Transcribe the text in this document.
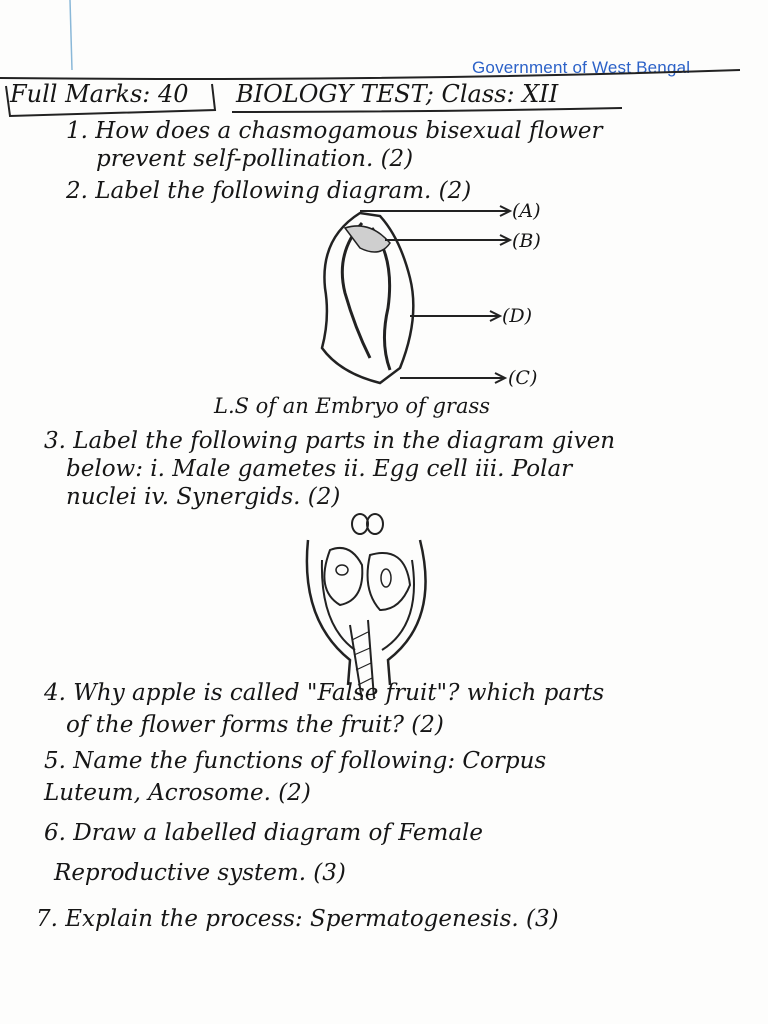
Government of West Bengal
Full Marks: 40 BIOLOGY TEST; Class: XII
1. How does a chasmogamous bisexual flower
prevent self-pollination. (2)
2. Label the following diagram. (2)
(A)
(B)
(D)
(C)
L.S of an Embryo of grass
3. Label the following parts in the diagram given
below: i. Male gametes ii. Egg cell iii. Polar
nuclei iv. Synergids. (2)
4. Why apple is called "False fruit"? which parts
of the flower forms the fruit? (2)
5. Name the functions of following: Corpus
Luteum, Acrosome. (2)
6. Draw a labelled diagram of Female
Reproductive system. (3)
7. Explain the process: Spermatogenesis. (3)
